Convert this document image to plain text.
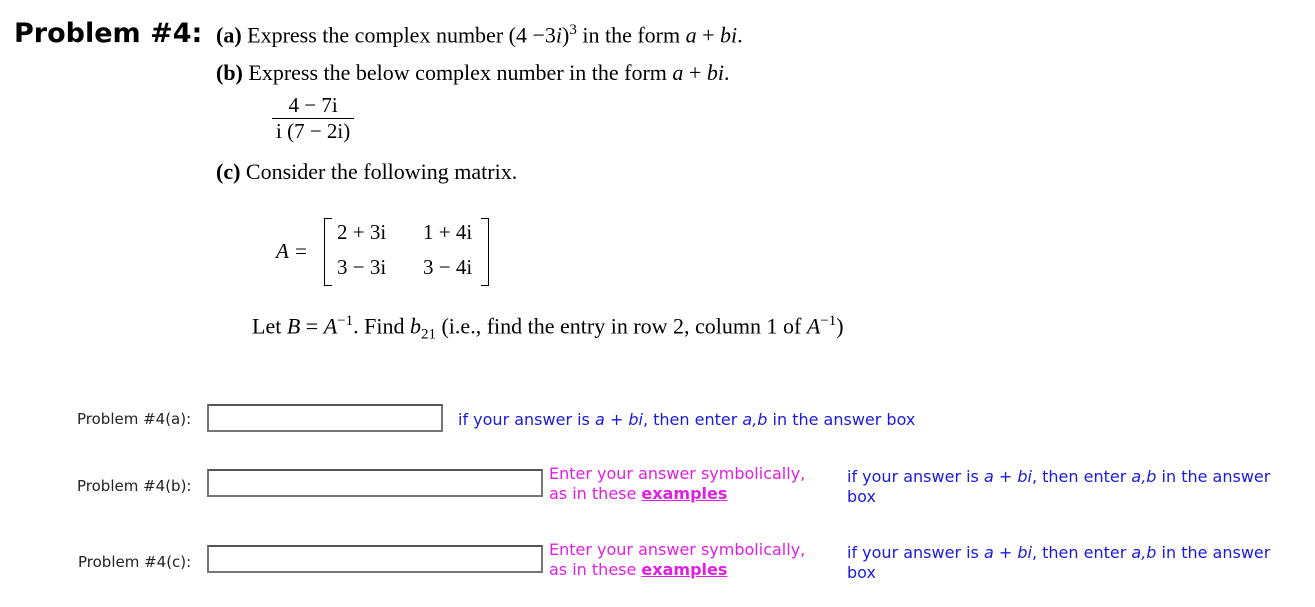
Problem #4: (a) Express the complex number $(4 -3i)^3$ in the form a + bi.
(b) Express the below complex number in the form a + bi.
$\frac{4 - 7i}{i (7 - 2i)}$
(c) Consider the following matrix.
A =
2 + 3i 1 + 4i
3 − 3i 3 − 4i
Let $B = A^{-1}$. Find $b_{21}$ (i.e., find the entry in row 2, column 1 of $A^{-1}$)
Problem #4(a):	if your answer is a + bi, then enter a,b in the answer box
Problem #4(b):
Enter your answer symbolically,
as in these examples
if your answer is a + bi, then enter a,b in the answer
box
Problem #4(c):
Enter your answer symbolically,
as in these examples
if your answer is a + bi, then enter a,b in the answer
box
